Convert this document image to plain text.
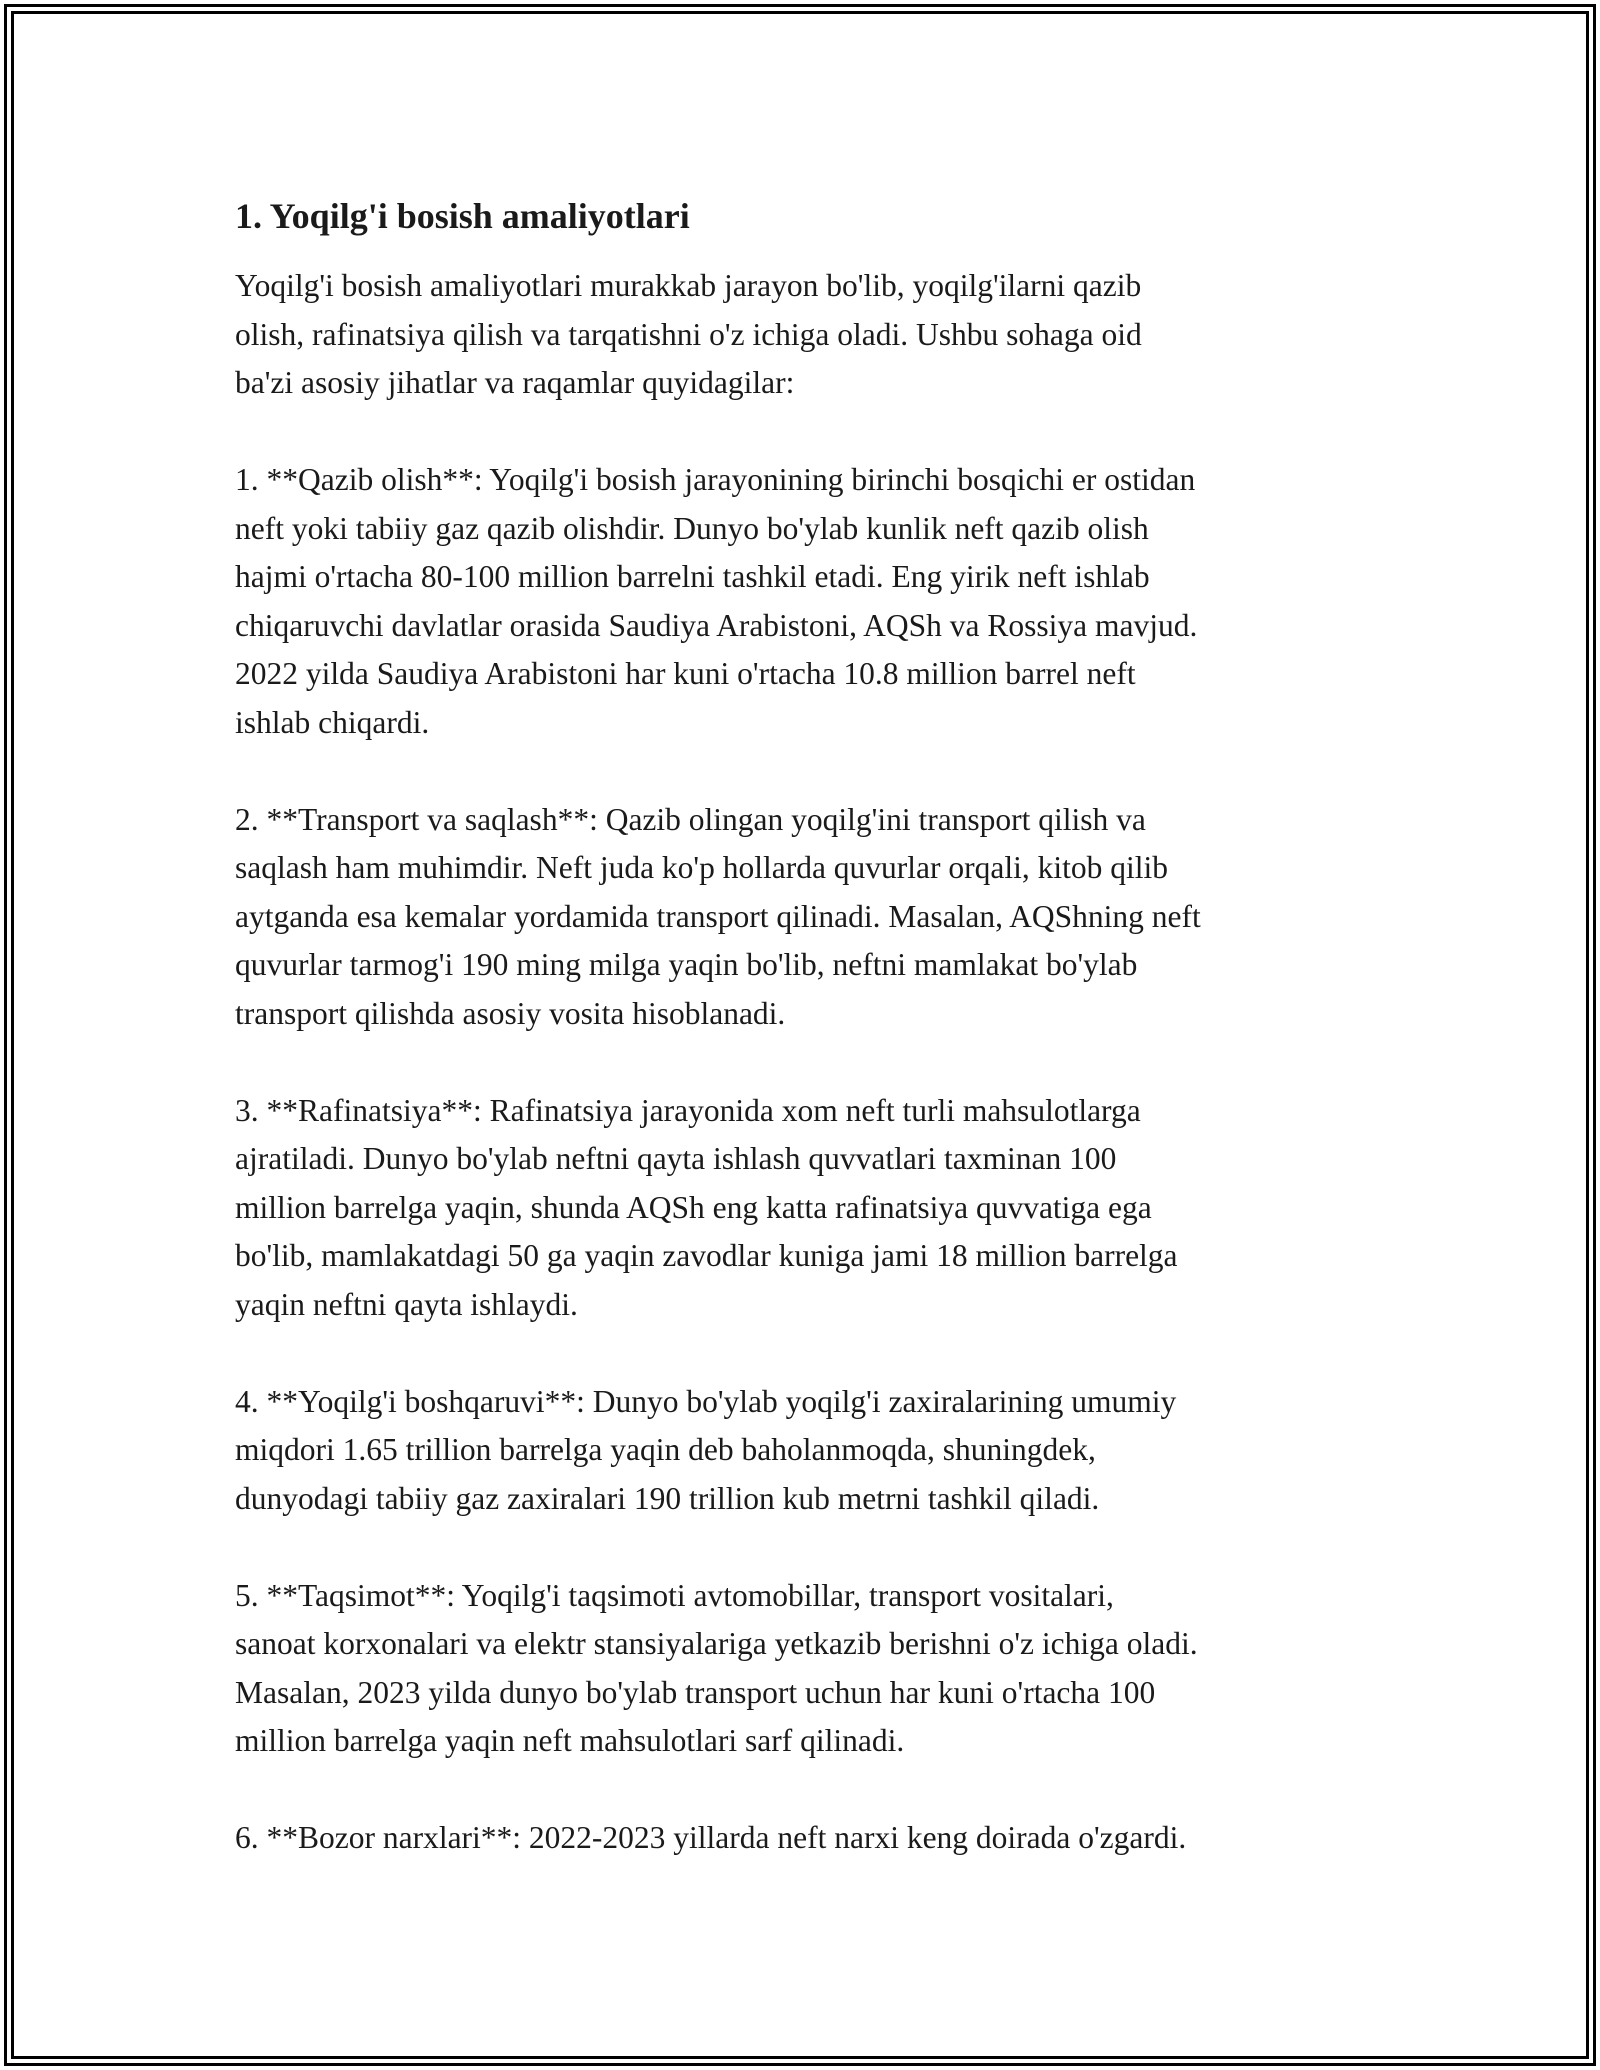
1. Yoqilg'i bosish amaliyotlari

Yoqilg'i bosish amaliyotlari murakkab jarayon bo'lib, yoqilg'ilarni qazib
olish, rafinatsiya qilish va tarqatishni o'z ichiga oladi. Ushbu sohaga oid
ba'zi asosiy jihatlar va raqamlar quyidagilar:

1. **Qazib olish**: Yoqilg'i bosish jarayonining birinchi bosqichi er ostidan
neft yoki tabiiy gaz qazib olishdir. Dunyo bo'ylab kunlik neft qazib olish
hajmi o'rtacha 80-100 million barrelni tashkil etadi. Eng yirik neft ishlab
chiqaruvchi davlatlar orasida Saudiya Arabistoni, AQSh va Rossiya mavjud.
2022 yilda Saudiya Arabistoni har kuni o'rtacha 10.8 million barrel neft
ishlab chiqardi.

2. **Transport va saqlash**: Qazib olingan yoqilg'ini transport qilish va
saqlash ham muhimdir. Neft juda ko'p hollarda quvurlar orqali, kitob qilib
aytganda esa kemalar yordamida transport qilinadi. Masalan, AQShning neft
quvurlar tarmog'i 190 ming milga yaqin bo'lib, neftni mamlakat bo'ylab
transport qilishda asosiy vosita hisoblanadi.

3. **Rafinatsiya**: Rafinatsiya jarayonida xom neft turli mahsulotlarga
ajratiladi. Dunyo bo'ylab neftni qayta ishlash quvvatlari taxminan 100
million barrelga yaqin, shunda AQSh eng katta rafinatsiya quvvatiga ega
bo'lib, mamlakatdagi 50 ga yaqin zavodlar kuniga jami 18 million barrelga
yaqin neftni qayta ishlaydi.

4. **Yoqilg'i boshqaruvi**: Dunyo bo'ylab yoqilg'i zaxiralarining umumiy
miqdori 1.65 trillion barrelga yaqin deb baholanmoqda, shuningdek,
dunyodagi tabiiy gaz zaxiralari 190 trillion kub metrni tashkil qiladi.

5. **Taqsimot**: Yoqilg'i taqsimoti avtomobillar, transport vositalari,
sanoat korxonalari va elektr stansiyalariga yetkazib berishni o'z ichiga oladi.
Masalan, 2023 yilda dunyo bo'ylab transport uchun har kuni o'rtacha 100
million barrelga yaqin neft mahsulotlari sarf qilinadi.

6. **Bozor narxlari**: 2022-2023 yillarda neft narxi keng doirada o'zgardi.
